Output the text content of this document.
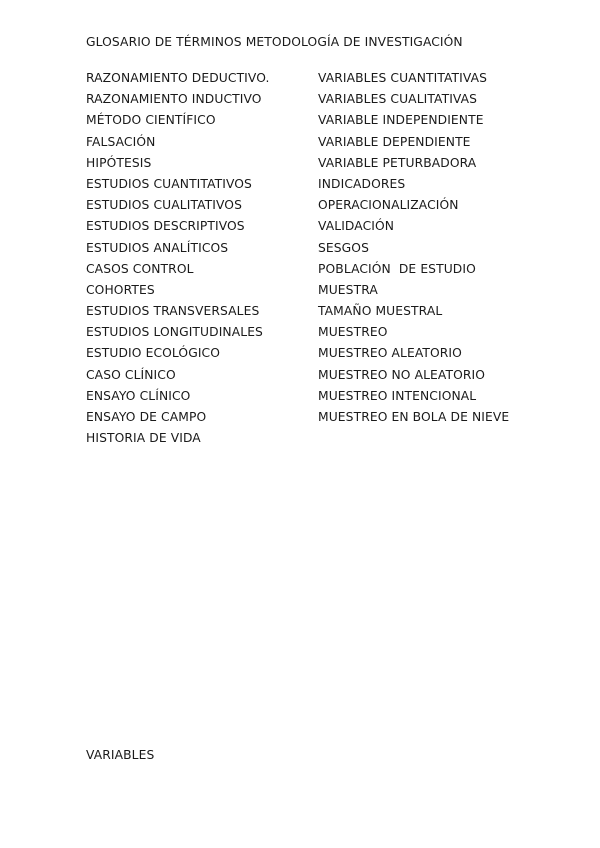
GLOSARIO DE TÉRMINOS METODOLOGÍA DE INVESTIGACIÓN
RAZONAMIENTO DEDUCTIVO.
RAZONAMIENTO INDUCTIVO
MÉTODO CIENTÍFICO
FALSACIÓN
HIPÓTESIS
ESTUDIOS CUANTITATIVOS
ESTUDIOS CUALITATIVOS
ESTUDIOS DESCRIPTIVOS
ESTUDIOS ANALÍTICOS
CASOS CONTROL
COHORTES
ESTUDIOS TRANSVERSALES
ESTUDIOS LONGITUDINALES
ESTUDIO ECOLÓGICO
CASO CLÍNICO
ENSAYO CLÍNICO
ENSAYO DE CAMPO
HISTORIA DE VIDA
VARIABLES CUANTITATIVAS
VARIABLES CUALITATIVAS
VARIABLE INDEPENDIENTE
VARIABLE DEPENDIENTE
VARIABLE PETURBADORA
INDICADORES
OPERACIONALIZACIÓN
VALIDACIÓN
SESGOS
POBLACIÓN  DE ESTUDIO
MUESTRA
TAMAÑO MUESTRAL
MUESTREO
MUESTREO ALEATORIO
MUESTREO NO ALEATORIO
MUESTREO INTENCIONAL
MUESTREO EN BOLA DE NIEVE
VARIABLES
